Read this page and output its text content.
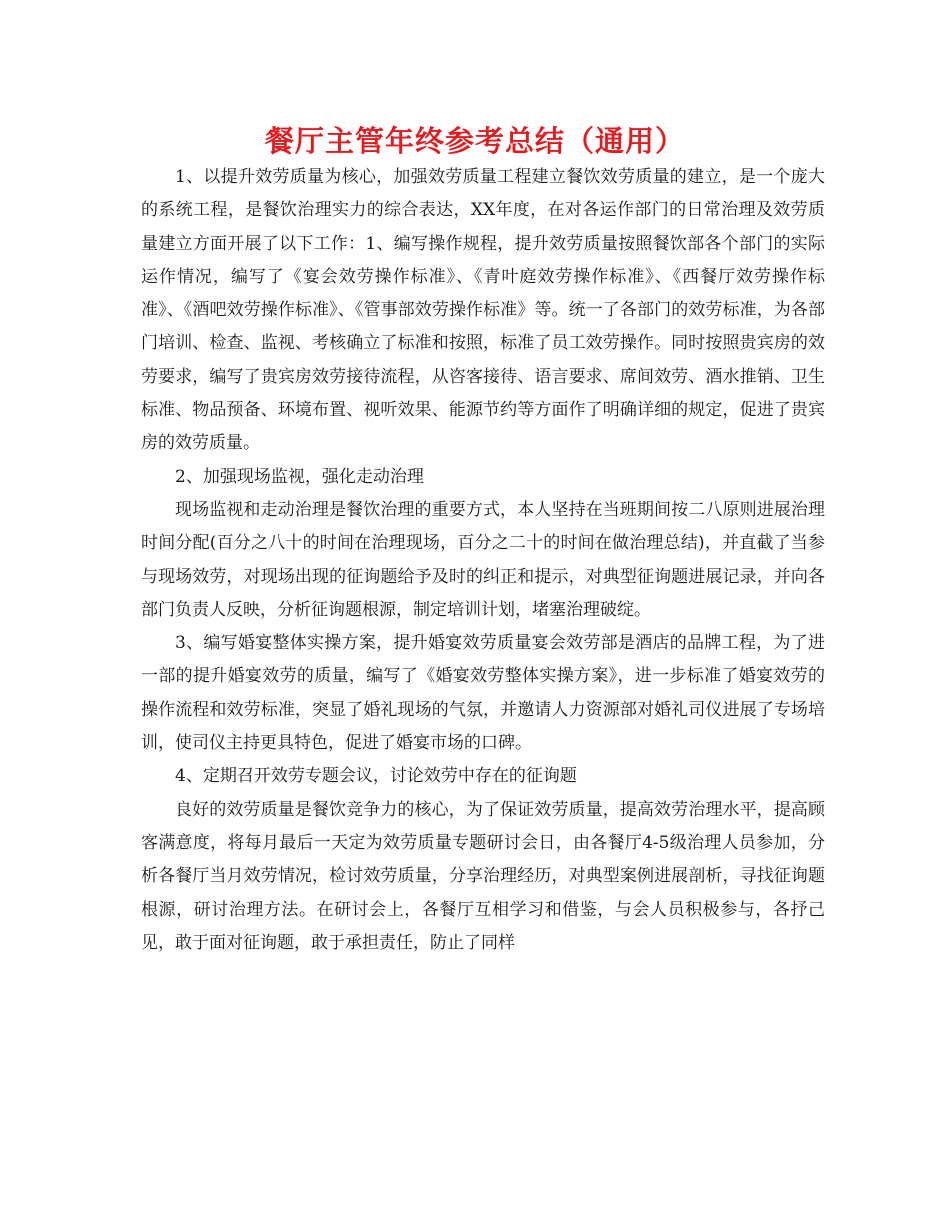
餐厅主管年终参考总结（通用）

1、以提升效劳质量为核心，加强效劳质量工程建立餐饮效劳质量的建立，是一个庞大的系统工程，是餐饮治理实力的综合表达，XX年度，在对各运作部门的日常治理及效劳质量建立方面开展了以下工作：1、编写操作规程，提升效劳质量按照餐饮部各个部门的实际运作情况，编写了《宴会效劳操作标准》、《青叶庭效劳操作标准》、《西餐厅效劳操作标准》、《酒吧效劳操作标准》、《管事部效劳操作标准》等。统一了各部门的效劳标准，为各部门培训、检查、监视、考核确立了标准和按照，标准了员工效劳操作。同时按照贵宾房的效劳要求，编写了贵宾房效劳接待流程，从咨客接待、语言要求、席间效劳、酒水推销、卫生标准、物品预备、环境布置、视听效果、能源节约等方面作了明确详细的规定，促进了贵宾房的效劳质量。

2、加强现场监视，强化走动治理

现场监视和走动治理是餐饮治理的重要方式，本人坚持在当班期间按二八原则进展治理时间分配(百分之八十的时间在治理现场，百分之二十的时间在做治理总结)，并直截了当参与现场效劳，对现场出现的征询题给予及时的纠正和提示，对典型征询题进展记录，并向各部门负责人反映，分析征询题根源，制定培训计划，堵塞治理破绽。

3、编写婚宴整体实操方案，提升婚宴效劳质量宴会效劳部是酒店的品牌工程，为了进一部的提升婚宴效劳的质量，编写了《婚宴效劳整体实操方案》，进一步标准了婚宴效劳的操作流程和效劳标准，突显了婚礼现场的气氛，并邀请人力资源部对婚礼司仪进展了专场培训，使司仪主持更具特色，促进了婚宴市场的口碑。

4、定期召开效劳专题会议，讨论效劳中存在的征询题

良好的效劳质量是餐饮竞争力的核心，为了保证效劳质量，提高效劳治理水平，提高顾客满意度，将每月最后一天定为效劳质量专题研讨会日，由各餐厅4-5级治理人员参加，分析各餐厅当月效劳情况，检讨效劳质量，分享治理经历，对典型案例进展剖析，寻找征询题根源，研讨治理方法。在研讨会上，各餐厅互相学习和借鉴，与会人员积极参与，各抒己见，敢于面对征询题，敢于承担责任，防止了同样
